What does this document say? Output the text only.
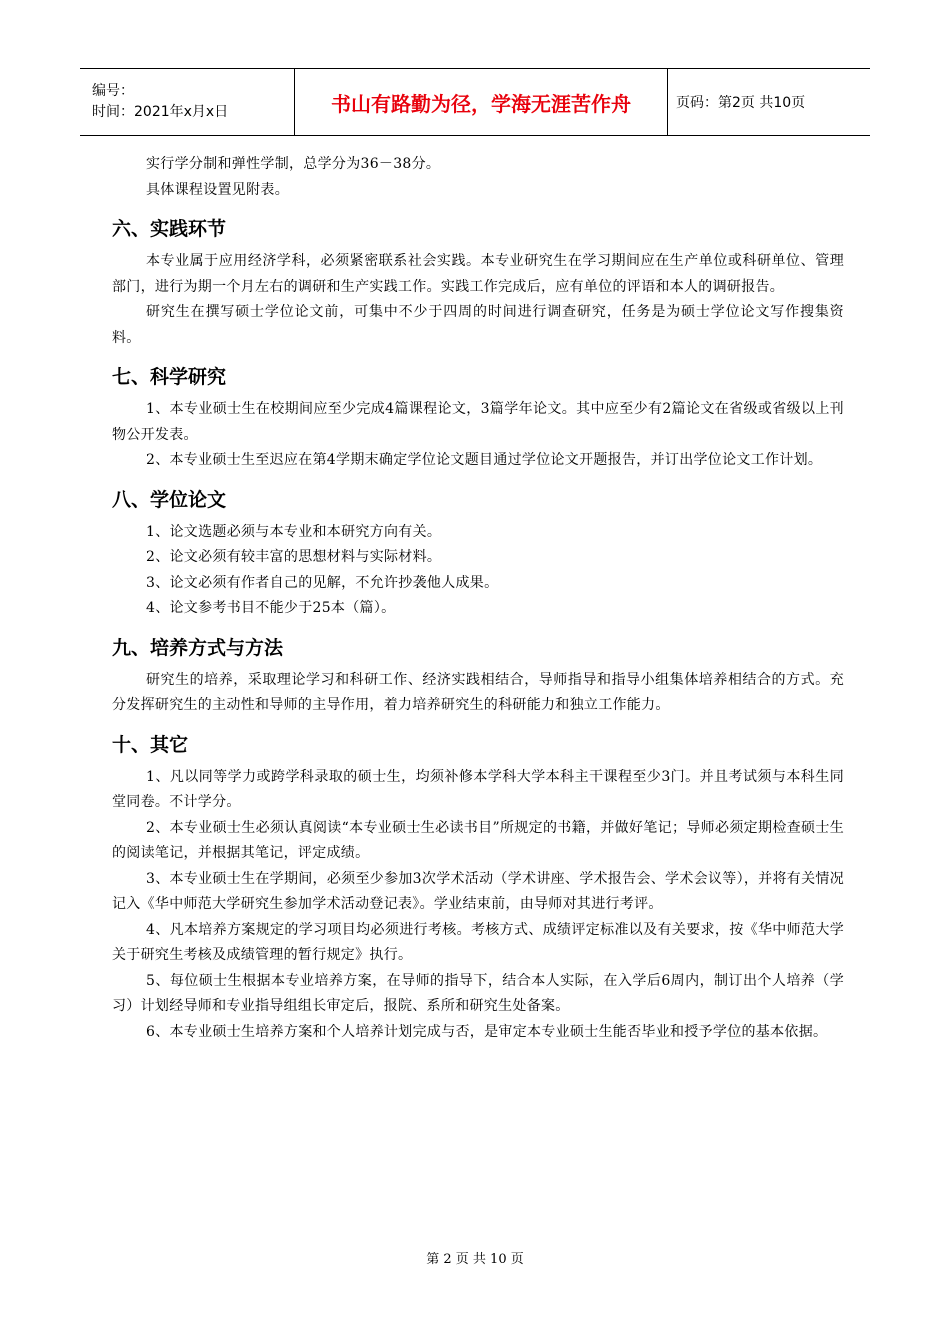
编号：
时间：2021年x月x日	书山有路勤为径，学海无涯苦作舟	页码：第2页 共10页

实行学分制和弹性学制，总学分为36－38分。

具体课程设置见附表。

六、实践环节

本专业属于应用经济学科，必须紧密联系社会实践。本专业研究生在学习期间应在生产单位或科研单位、管理部门，进行为期一个月左右的调研和生产实践工作。实践工作完成后，应有单位的评语和本人的调研报告。

研究生在撰写硕士学位论文前，可集中不少于四周的时间进行调查研究，任务是为硕士学位论文写作搜集资料。

七、科学研究

1、本专业硕士生在校期间应至少完成4篇课程论文，3篇学年论文。其中应至少有2篇论文在省级或省级以上刊物公开发表。

2、本专业硕士生至迟应在第4学期末确定学位论文题目通过学位论文开题报告，并订出学位论文工作计划。

八、学位论文

1、论文选题必须与本专业和本研究方向有关。

2、论文必须有较丰富的思想材料与实际材料。

3、论文必须有作者自己的见解，不允许抄袭他人成果。

4、论文参考书目不能少于25本（篇）。

九、培养方式与方法

研究生的培养，采取理论学习和科研工作、经济实践相结合，导师指导和指导小组集体培养相结合的方式。充分发挥研究生的主动性和导师的主导作用，着力培养研究生的科研能力和独立工作能力。

十、其它

1、凡以同等学力或跨学科录取的硕士生，均须补修本学科大学本科主干课程至少3门。并且考试须与本科生同堂同卷。不计学分。

2、本专业硕士生必须认真阅读“本专业硕士生必读书目”所规定的书籍，并做好笔记；导师必须定期检查硕士生的阅读笔记，并根据其笔记，评定成绩。

3、本专业硕士生在学期间，必须至少参加3次学术活动（学术讲座、学术报告会、学术会议等），并将有关情况记入《华中师范大学研究生参加学术活动登记表》。学业结束前，由导师对其进行考评。

4、凡本培养方案规定的学习项目均必须进行考核。考核方式、成绩评定标准以及有关要求，按《华中师范大学关于研究生考核及成绩管理的暂行规定》执行。

5、每位硕士生根据本专业培养方案，在导师的指导下，结合本人实际，在入学后6周内，制订出个人培养（学习）计划经导师和专业指导组组长审定后，报院、系所和研究生处备案。

6、本专业硕士生培养方案和个人培养计划完成与否，是审定本专业硕士生能否毕业和授予学位的基本依据。

第 2 页 共 10 页
